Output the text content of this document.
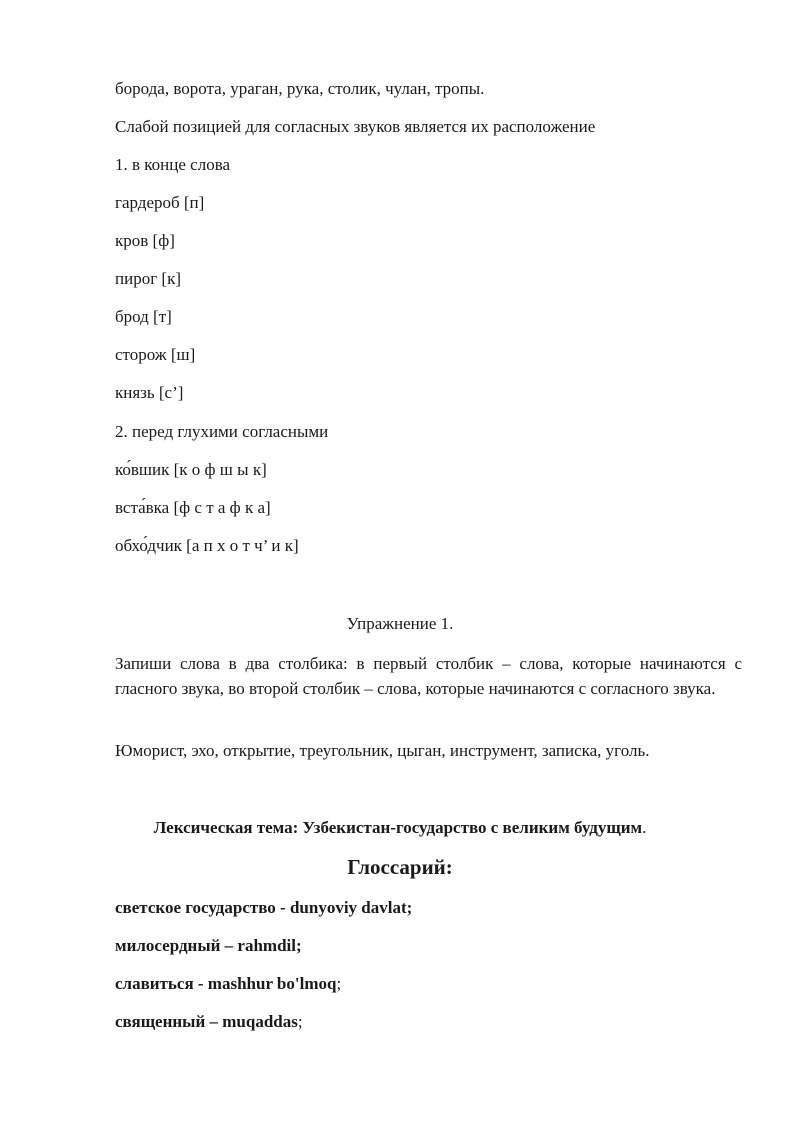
борода, ворота, ураган, рука, столик, чулан, тропы.
Слабой позицией для согласных звуков является их расположение
1. в конце слова
гардероб [п]
кров [ф]
пирог [к]
брод [т]
сторож [ш]
князь [с’]
2. перед глухими согласными
ко́вшик [к о ф ш ы к]
вста́вка [ф с т а ф к а]
обхо́дчик [а п х о т ч’ и к]
Упражнение 1.
Запиши слова в два столбика: в первый столбик – слова, которые начинаются с гласного звука, во второй столбик – слова, которые начинаются с согласного звука.
Юморист, эхо, открытие, треугольник, цыган, инструмент, записка, уголь.
Лексическая тема: Узбекистан-государство с великим будущим.
Глоссарий:
светское государство - dunyoviy davlat;
милосердный – rahmdil;
славиться - mashhur bo'lmoq;
священный – muqaddas;
